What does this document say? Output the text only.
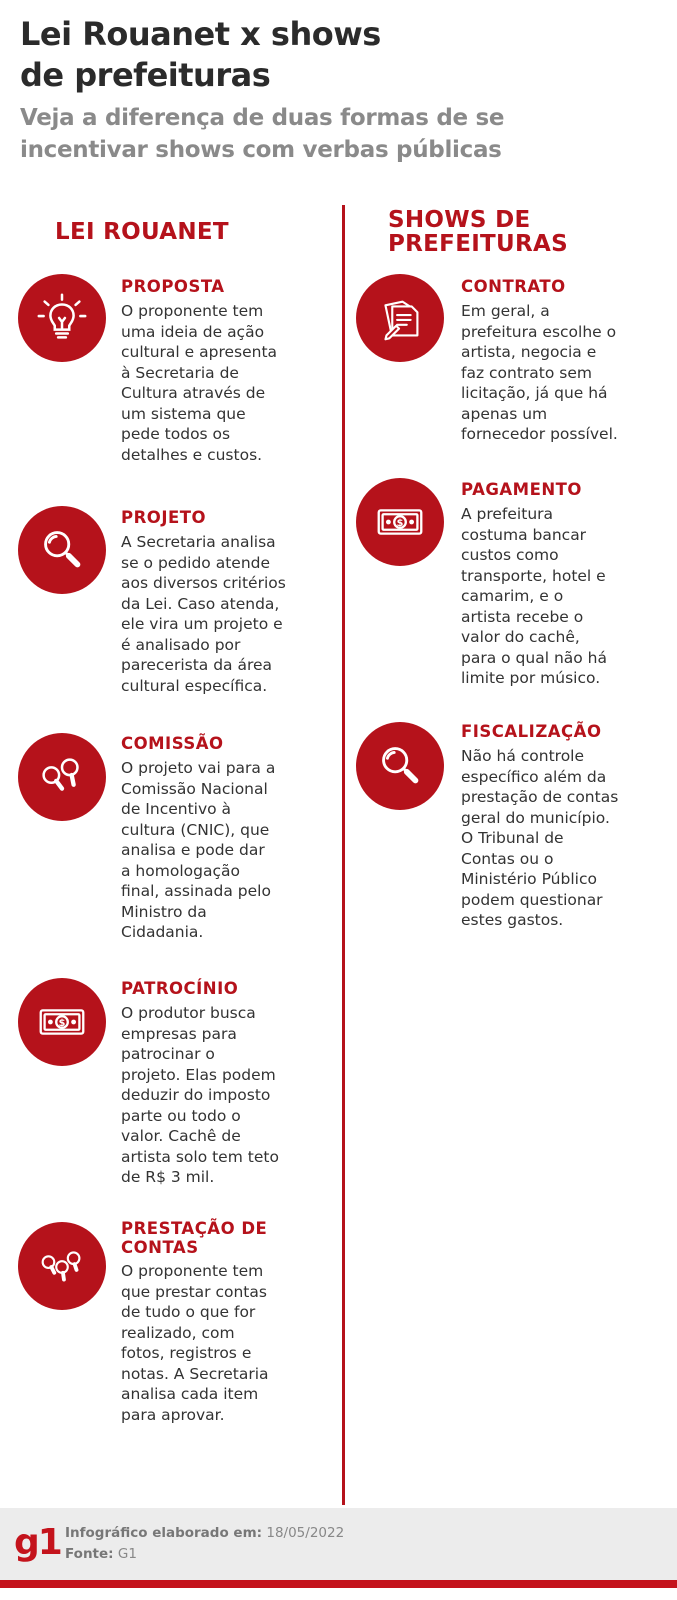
Lei Rouanet x shows
de prefeituras
Veja a diferença de duas formas de se
incentivar shows com verbas públicas
LEI ROUANET	SHOWS DE
PREFEITURAS
PROPOSTA
O proponente tem
uma ideia de ação
cultural e apresenta
à Secretaria de
Cultura através de
um sistema que
pede todos os
detalhes e custos.
PROJETO
A Secretaria analisa
se o pedido atende
aos diversos critérios
da Lei. Caso atenda,
ele vira um projeto e
é analisado por
parecerista da área
cultural específica.
COMISSÃO
O projeto vai para a
Comissão Nacional
de Incentivo à
cultura (CNIC), que
analisa e pode dar
a homologação
final, assinada pelo
Ministro da
Cidadania.
$
PATROCÍNIO
O produtor busca
empresas para
patrocinar o
projeto. Elas podem
deduzir do imposto
parte ou todo o
valor. Cachê de
artista solo tem teto
de R$ 3 mil.
PRESTAÇÃO DE
CONTAS
O proponente tem
que prestar contas
de tudo o que for
realizado, com
fotos, registros e
notas. A Secretaria
analisa cada item
para aprovar.
CONTRATO
Em geral, a
prefeitura escolhe o
artista, negocia e
faz contrato sem
licitação, já que há
apenas um
fornecedor possível.
$
PAGAMENTO
A prefeitura
costuma bancar
custos como
transporte, hotel e
camarim, e o
artista recebe o
valor do cachê,
para o qual não há
limite por músico.
FISCALIZAÇÃO
Não há controle
específico além da
prestação de contas
geral do município.
O Tribunal de
Contas ou o
Ministério Público
podem questionar
estes gastos.
g1 Infográfico elaborado em: 18/05/2022
Fonte: G1
